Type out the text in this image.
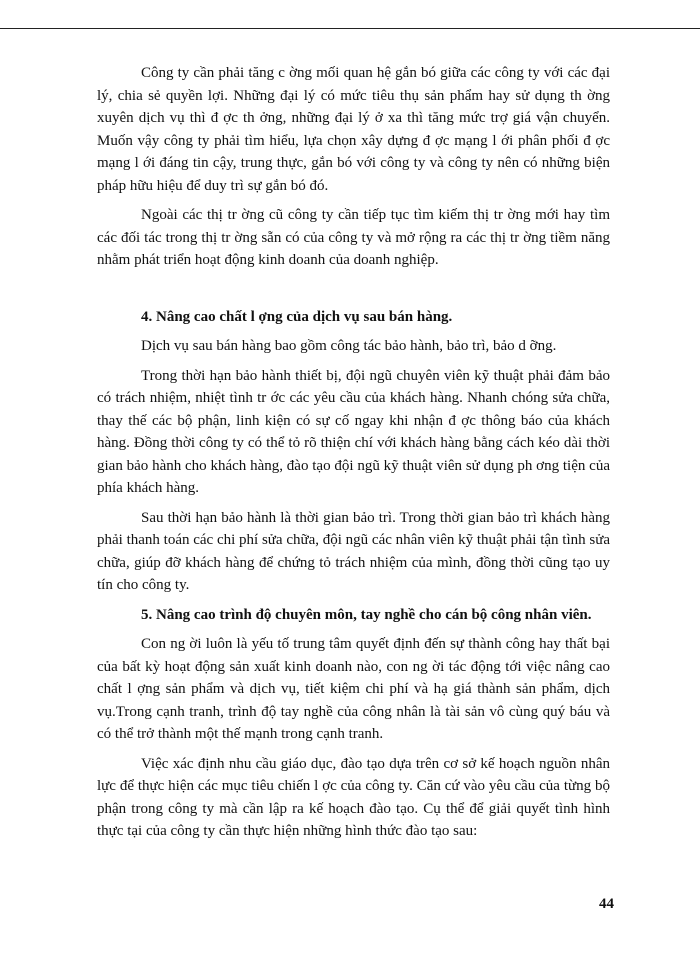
Công ty cần phải tăng c ờng mối quan hệ gắn bó giữa các công ty với các đại lý, chia sẻ quyền lợi. Những đại lý có mức tiêu thụ sản phẩm hay sử dụng th ờng xuyên dịch vụ thì đ ợc th ởng, những đại lý ở xa thì tăng mức trợ giá vận chuyển. Muốn vậy công ty phải tìm hiểu, lựa chọn xây dựng đ ợc mạng l ới phân phối đ ợc mạng l ới đáng tin cậy, trung thực, gắn bó với công ty và công ty nên có những biện pháp hữu hiệu để duy trì sự gắn bó đó.

Ngoài các thị tr ờng cũ công ty cần tiếp tục tìm kiếm thị tr ờng mới hay tìm các đối tác trong thị tr ờng sẵn có của công ty và mở rộng ra các thị tr ờng tiềm năng nhằm phát triển hoạt động kinh doanh của doanh nghiệp.

4. Nâng cao chất l ợng của dịch vụ sau bán hàng.

Dịch vụ sau bán hàng bao gồm công tác bảo hành, bảo trì, bảo d ỡng.

Trong thời hạn bảo hành thiết bị, đội ngũ chuyên viên kỹ thuật phải đảm bảo có trách nhiệm, nhiệt tình tr ớc các yêu cầu của khách hàng. Nhanh chóng sửa chữa, thay thế các bộ phận, linh kiện có sự cố ngay khi nhận đ ợc thông báo của khách hàng. Đồng thời công ty có thể tỏ rõ thiện chí với khách hàng bằng cách kéo dài thời gian bảo hành cho khách hàng, đào tạo đội ngũ kỹ thuật viên sử dụng ph ơng tiện của phía khách hàng.

Sau thời hạn bảo hành là thời gian bảo trì. Trong thời gian bảo trì khách hàng phải thanh toán các chi phí sửa chữa, đội ngũ các nhân viên kỹ thuật phải tận tình sửa chữa, giúp đỡ khách hàng để chứng tỏ trách nhiệm của mình, đồng thời cũng tạo uy tín cho công ty.

5. Nâng cao trình độ chuyên môn, tay nghề cho cán bộ công nhân viên.

Con ng ời luôn là yếu tố trung tâm quyết định đến sự thành công hay thất bại của bất kỳ hoạt động sản xuất kinh doanh nào, con ng ời tác động tới việc nâng cao chất l ợng sản phẩm và dịch vụ, tiết kiệm chi phí và hạ giá thành sản phẩm, dịch vụ.Trong cạnh tranh, trình độ tay nghề của công nhân là tài sản vô cùng quý báu và có thể trở thành một thế mạnh trong cạnh tranh.

Việc xác định nhu cầu giáo dục, đào tạo dựa trên cơ sở kế hoạch nguồn nhân lực để thực hiện các mục tiêu chiến l ợc của công ty. Căn cứ vào yêu cầu của từng bộ phận trong công ty mà cần lập ra kế hoạch đào tạo. Cụ thể để giải quyết tình hình thực tại của công ty cần thực hiện những hình thức đào tạo sau:

44
